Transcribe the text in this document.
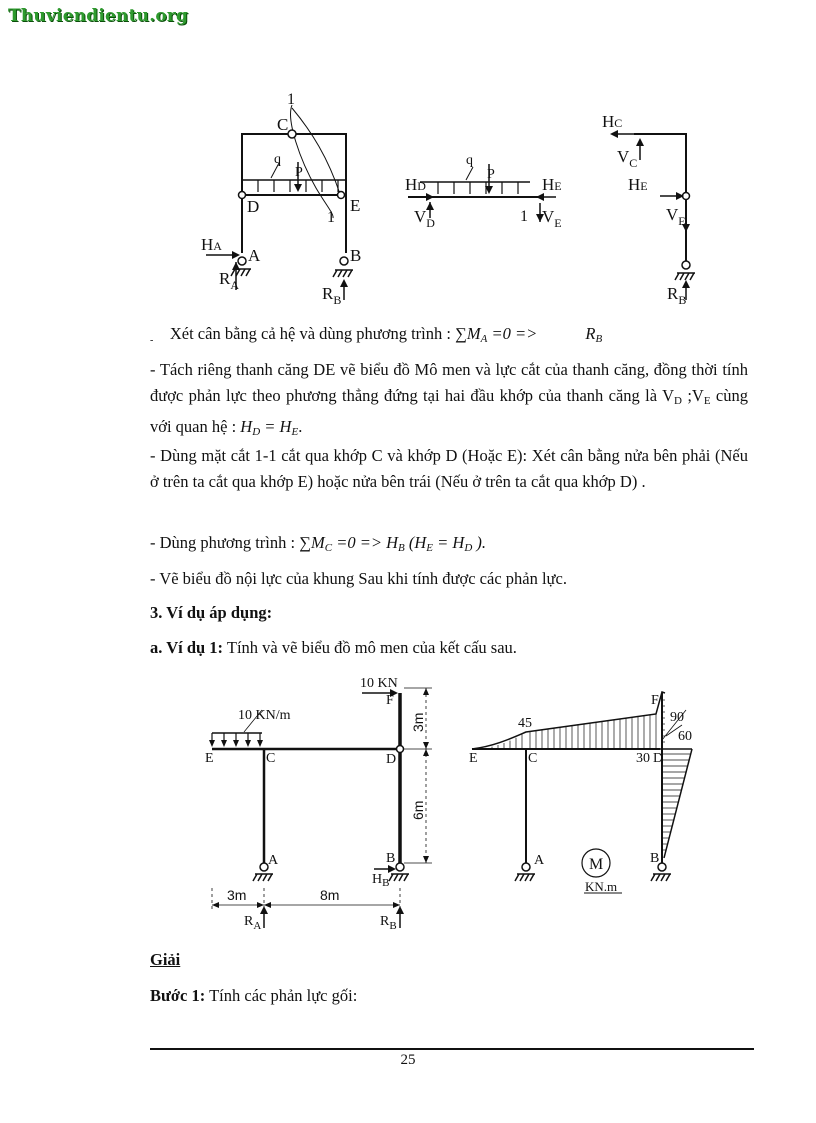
Thuviendientu.org
1
C
q
P
D	E
1
HA A
$R_A$
B
$R_B$
q
P
HD	HE
$V_D$	1 $V_E$
HC
$V_C$
HE
$V_E$
$R_B$

$_-$ Xét cân bằng cả hệ và dùng phương trình : ∑MA =0 =>	RB

- Tách riêng thanh căng DE vẽ biểu đồ Mô men và lực cắt của thanh căng, đồng thời tính được phản lực theo phương thẳng đứng tại hai đầu khớp của thanh căng là VD ;VE cùng với quan hệ : HD = HE.

- Dùng mặt cắt 1-1 cắt qua khớp C và khớp D (Hoặc E): Xét cân bằng nửa bên phải (Nếu ở trên ta cắt qua khớp E) hoặc nửa bên trái (Nếu ở trên ta cắt qua khớp D) .

- Dùng phương trình : ∑MC =0 => HB (HE = HD ).

- Vẽ biểu đồ nội lực của khung Sau khi tính được các phản lực.

3. Ví dụ áp dụng:

a. Ví dụ 1: Tính và vẽ biểu đồ mô men của kết cấu sau.

10 KN
F
10 KN/m
E	C	D
A	B
$H_B$
$R_A$	$R_B$
3m	8m
3m
6m
45
F
90
60
30
E	C	D
A	B
M
KN.m

Giải

Bước 1: Tính các phản lực gối:

25
